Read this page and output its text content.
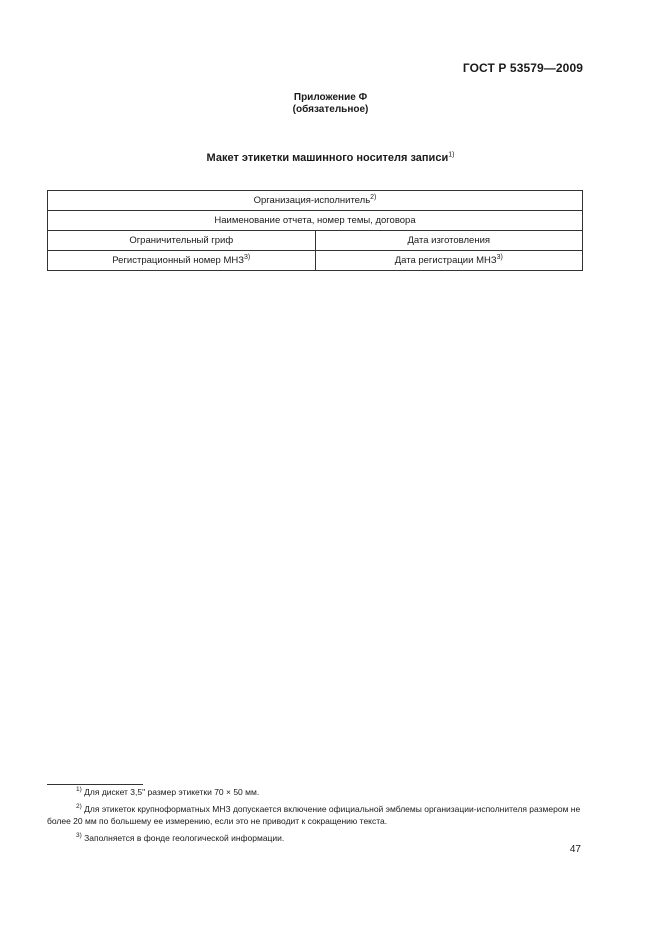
ГОСТ Р 53579—2009
Приложение Ф
(обязательное)
Макет этикетки машинного носителя записи$^{1)}$
Организация-исполнитель$^{2)}$
Наименование отчета, номер темы, договора	
Ограничительный гриф	Дата изготовления
Регистрационный номер МНЗ$^{3)}$	Дата регистрации МНЗ$^{3)}$

$^{1)}$ Для дискет 3,5" размер этикетки 70 × 50 мм.

$^{2)}$ Для этикеток крупноформатных МНЗ допускается включение официальной эмблемы организации-исполнителя размером не более 20 мм по большему ее измерению, если это не приводит к сокращению текста.

$^{3)}$ Заполняется в фонде геологической информации.

47
